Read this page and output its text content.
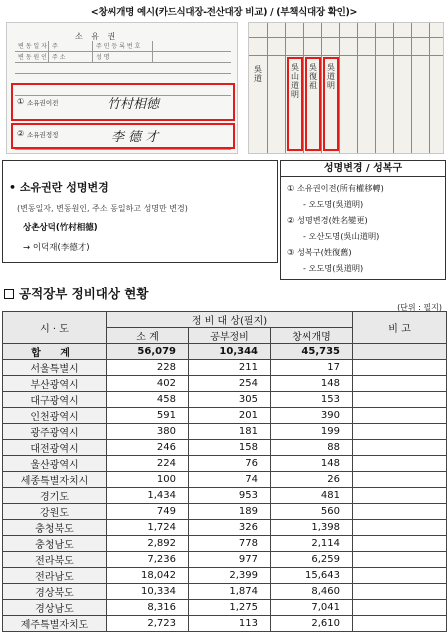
<창씨개명 예시(카드식대장-전산대장 비교) / (부책식대장 확인)>
소 유 권
변 동 일 자 주	주 민 등 록 번 호
변 동 원 인 주 소	성 명
① 소유권이전	竹村相徳
② 소유권정정	李 德 才
吳道
吳山道明
吳復祖
吳道明
• 소유권란 성명변경
(변동일자, 변동원인, 주소 동일하고 성명만 변경)
상촌상덕(竹村相德)
→ 이덕재(李德才)
성명변경 / 성복구
① 소유권이전(所有權移轉)
- 오도명(吳道明)
② 성명변경(姓名變更)
- 오산도명(吳山道明)
③ 성복구(姓復舊)
- 오도명(吳道明)
공적장부 정비대상 현황
(단위 : 필지)
시 · 도	정 비 대 상(필지)			비 고
	소 계	공부정비	창씨개명	
합 계	56,079	10,344	45,735	
서울특별시	228	211	17	
부산광역시	402	254	148	
대구광역시	458	305	153	
인천광역시	591	201	390	
광주광역시	380	181	199	
대전광역시	246	158	88	
울산광역시	224	76	148	
세종특별자치시	100	74	26	
경기도	1,434	953	481	
강원도	749	189	560	
충청북도	1,724	326	1,398	
충청남도	2,892	778	2,114	
전라북도	7,236	977	6,259	
전라남도	18,042	2,399	15,643	
경상북도	10,334	1,874	8,460	
경상남도	8,316	1,275	7,041	
제주특별자치도	2,723	113	2,610	
